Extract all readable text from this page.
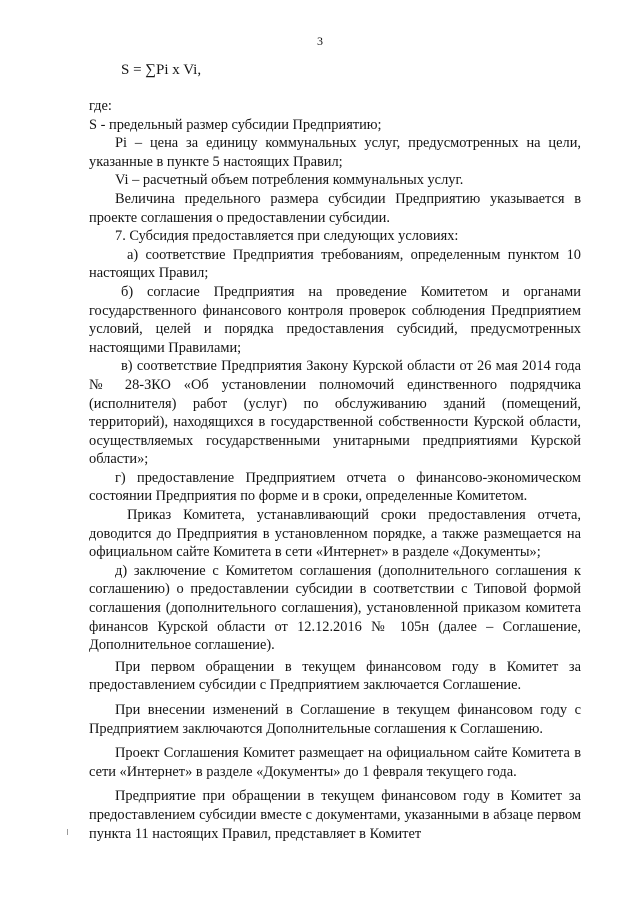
3
S = ∑Pi x Vi,

где:

S - предельный размер субсидии Предприятию;

Pi – цена за единицу коммунальных услуг, предусмотренных на цели, указанные в пункте 5 настоящих Правил;

Vi – расчетный объем потребления коммунальных услуг.

Величина предельного размера субсидии Предприятию указывается в проекте соглашения о предоставлении субсидии.

7. Субсидия предоставляется при следующих условиях:

а) соответствие Предприятия требованиям, определенным пунктом 10 настоящих Правил;

б) согласие Предприятия на проведение Комитетом и органами государственного финансового контроля проверок соблюдения Предприятием условий, целей и порядка предоставления субсидий, предусмотренных настоящими Правилами;

в) соответствие Предприятия Закону Курской области от 26 мая 2014 года № 28-ЗКО «Об установлении полномочий единственного подрядчика (исполнителя) работ (услуг) по обслуживанию зданий (помещений, территорий), находящихся в государственной собственности Курской области, осуществляемых государственными унитарными предприятиями Курской области»;

г) предоставление Предприятием отчета о финансово-экономическом состоянии Предприятия по форме и в сроки, определенные Комитетом.

Приказ Комитета, устанавливающий сроки предоставления отчета, доводится до Предприятия в установленном порядке, а также размещается на официальном сайте Комитета в сети «Интернет» в разделе «Документы»;

д) заключение с Комитетом соглашения (дополнительного соглашения к соглашению) о предоставлении субсидии в соответствии с Типовой формой соглашения (дополнительного соглашения), установленной приказом комитета финансов Курской области от 12.12.2016 № 105н (далее – Соглашение, Дополнительное соглашение).

При первом обращении в текущем финансовом году в Комитет за предоставлением субсидии с Предприятием заключается Соглашение.

При внесении изменений в Соглашение в текущем финансовом году с Предприятием заключаются Дополнительные соглашения к Соглашению.

Проект Соглашения Комитет размещает на официальном сайте Комитета в сети «Интернет» в разделе «Документы» до 1 февраля текущего года.

Предприятие при обращении в текущем финансовом году в Комитет за предоставлением субсидии вместе с документами, указанными в абзаце первом пункта 11 настоящих Правил, представляет в Комитет
